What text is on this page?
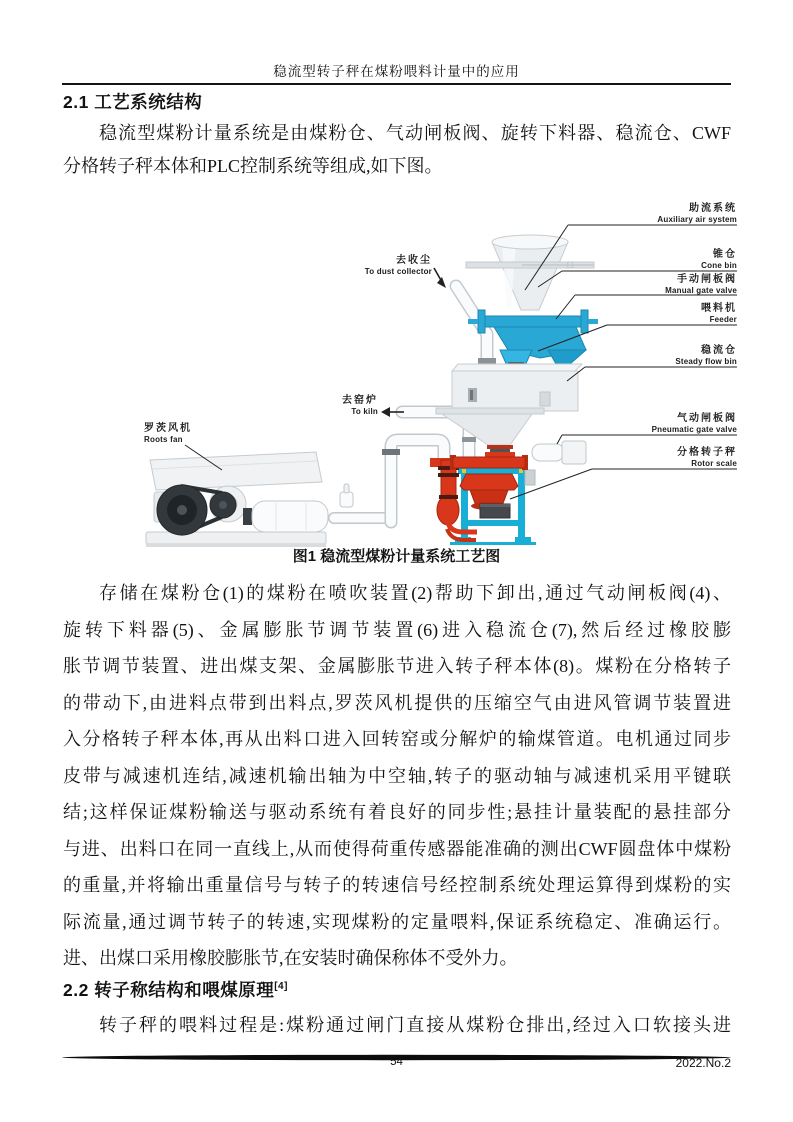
稳流型转子秤在煤粉喂料计量中的应用
2.1 工艺系统结构
稳流型煤粉计量系统是由煤粉仓、气动闸板阀、旋转下料器、稳流仓、CWF
分格转子秤本体和PLC控制系统等组成,如下图。
助流系统
Auxiliary air system
去收尘
To dust collector
锥仓
Cone bin
手动闸板阀
Manual gate valve
喂料机
Feeder
稳流仓
Steady flow bin
去窑炉
To kiln
气动闸板阀
Pneumatic gate valve
分格转子秤
Rotor scale
罗茨风机
Roots fan
图1 稳流型煤粉计量系统工艺图
存储在煤粉仓(1)的煤粉在喷吹装置(2)帮助下卸出,通过气动闸板阀(4)、
旋转下料器(5)、金属膨胀节调节装置(6)进入稳流仓(7),然后经过橡胶膨
胀节调节装置、进出煤支架、金属膨胀节进入转子秤本体(8)。煤粉在分格转子
的带动下,由进料点带到出料点,罗茨风机提供的压缩空气由进风管调节装置进
入分格转子秤本体,再从出料口进入回转窑或分解炉的输煤管道。电机通过同步
皮带与减速机连结,减速机输出轴为中空轴,转子的驱动轴与减速机采用平键联
结;这样保证煤粉输送与驱动系统有着良好的同步性;悬挂计量装配的悬挂部分
与进、出料口在同一直线上,从而使得荷重传感器能准确的测出CWF圆盘体中煤粉
的重量,并将输出重量信号与转子的转速信号经控制系统处理运算得到煤粉的实
际流量,通过调节转子的转速,实现煤粉的定量喂料,保证系统稳定、准确运行。
进、出煤口采用橡胶膨胀节,在安装时确保称体不受外力。
2.2 转子称结构和喂煤原理[4]
转子秤的喂料过程是:煤粉通过闸门直接从煤粉仓排出,经过入口软接头进
54	2022.No.2
